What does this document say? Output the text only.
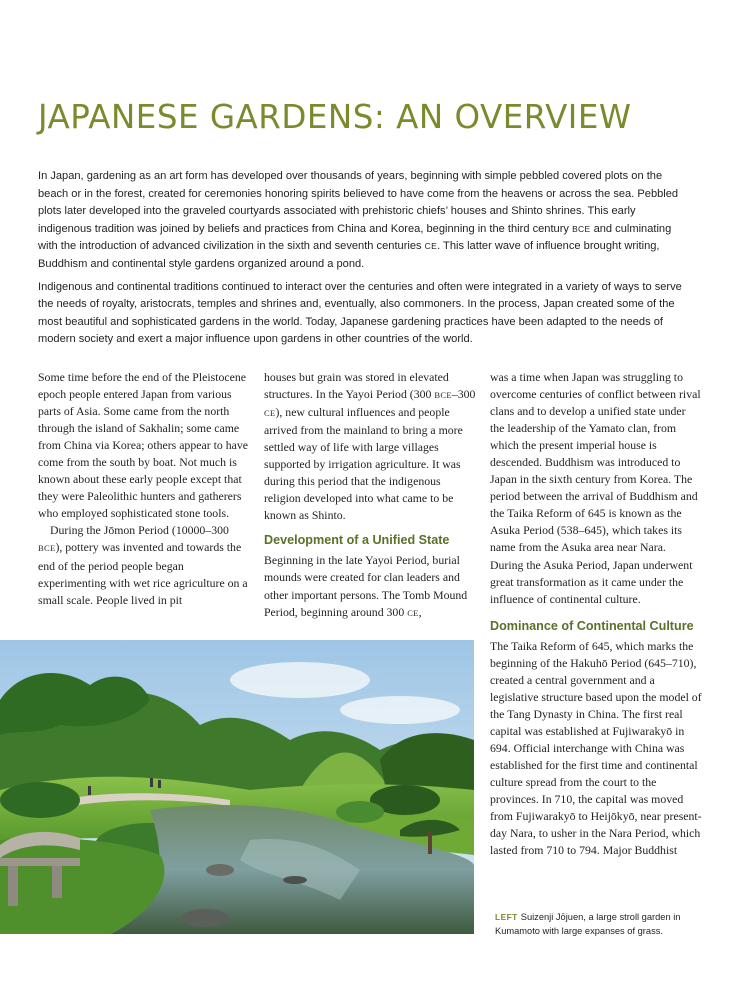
JAPANESE GARDENS: AN OVERVIEW

In Japan, gardening as an art form has developed over thousands of years, beginning with simple pebbled covered plots on the beach or in the forest, created for ceremonies honoring spirits believed to have come from the heavens or across the sea. Pebbled plots later developed into the graveled courtyards associated with prehistoric chiefs’ houses and Shinto shrines. This early indigenous tradition was joined by beliefs and practices from China and Korea, beginning in the third century BCE and culminating with the introduction of advanced civilization in the sixth and seventh centuries CE. This latter wave of influence brought writing, Buddhism and continental style gardens organized around a pond.

Indigenous and continental traditions continued to interact over the centuries and often were integrated in a variety of ways to serve the needs of royalty, aristocrats, temples and shrines and, eventually, also commoners. In the process, Japan created some of the most beautiful and sophisticated gardens in the world. Today, Japanese gardening practices have been adapted to the needs of modern society and exert a major influence upon gardens in other countries of the world.

Some time before the end of the Pleistocene epoch people entered Japan from various parts of Asia. Some came from the north through the island of Sakhalin; some came from China via Korea; others appear to have come from the south by boat. Not much is known about these early people except that they were Paleolithic hunters and gatherers who employed sophisticated stone tools.

During the Jōmon Period (10000–300 BCE), pottery was invented and towards the end of the period people began experimenting with wet rice agriculture on a small scale. People lived in pit

houses but grain was stored in elevated structures. In the Yayoi Period (300 BCE–300 CE), new cultural influences and people arrived from the mainland to bring a more settled way of life with large villages supported by irrigation agriculture. It was during this period that the indigenous religion developed into what came to be known as Shinto.

Development of a Unified State

Beginning in the late Yayoi Period, burial mounds were created for clan leaders and other important persons. The Tomb Mound Period, beginning around 300 CE,

was a time when Japan was struggling to overcome centuries of conflict between rival clans and to develop a unified state under the leadership of the Yamato clan, from which the present imperial house is descended. Buddhism was introduced to Japan in the sixth century from Korea. The period between the arrival of Buddhism and the Taika Reform of 645 is known as the Asuka Period (538–645), which takes its name from the Asuka area near Nara. During the Asuka Period, Japan underwent great transformation as it came under the influence of continental culture.

Dominance of Continental Culture

The Taika Reform of 645, which marks the beginning of the Hakuhō Period (645–710), created a central government and a legislative structure based upon the model of the Tang Dynasty in China. The first real capital was established at Fujiwarakyō in 694. Official interchange with China was established for the first time and continental culture spread from the court to the provinces. In 710, the capital was moved from Fujiwarakyō to Heijōkyō, near present-day Nara, to usher in the Nara Period, which lasted from 710 to 794. Major Buddhist

LEFT Suizenji Jōjuen, a large stroll garden in Kumamoto with large expanses of grass.
